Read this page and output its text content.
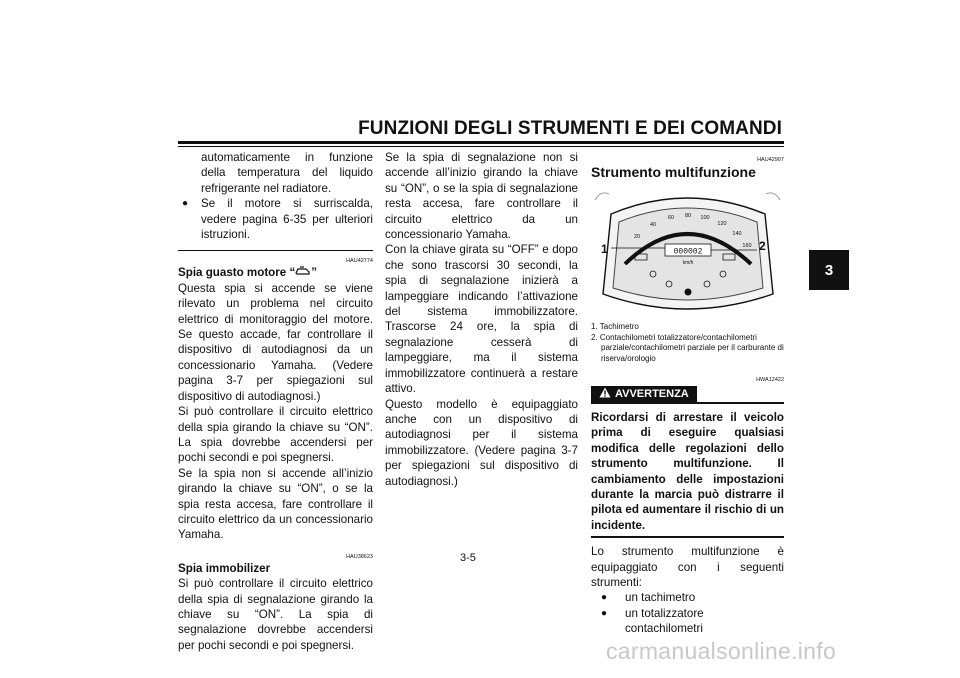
FUNZIONI DEGLI STRUMENTI E DEI COMANDI
3

automaticamente in funzione della temperatura del liquido refrigerante nel radiatore.

● Se il motore si surriscalda, vedere pagina 6-35 per ulteriori istruzioni.

HAU42774
Spia guasto motore “ ”

Questa spia si accende se viene rilevato un problema nel circuito elettrico di monitoraggio del motore. Se questo accade, far controllare il dispositivo di autodiagnosi da un concessionario Yamaha. (Vedere pagina 3-7 per spiegazioni sul dispositivo di autodiagnosi.)

Si può controllare il circuito elettrico della spia girando la chiave su “ON”. La spia dovrebbe accendersi per pochi secondi e poi spegnersi.

Se la spia non si accende all’inizio girando la chiave su “ON”, o se la spia resta accesa, fare controllare il circuito elettrico da un concessionario Yamaha.

HAU38623
Spia immobilizer

Si può controllare il circuito elettrico della spia di segnalazione girando la chiave su “ON”. La spia di segnalazione dovrebbe accendersi per pochi secondi e poi spegnersi.

Se la spia di segnalazione non si accende all’inizio girando la chiave su “ON”, o se la spia di segnalazione resta accesa, fare controllare il circuito elettrico da un concessionario Yamaha.

Con la chiave girata su “OFF” e dopo che sono trascorsi 30 secondi, la spia di segnalazione inizierà a lampeggiare indicando l’attivazione del sistema immobilizzatore. Trascorse 24 ore, la spia di segnalazione cesserà di lampeggiare, ma il sistema immobilizzatore continuerà a restare attivo.

Questo modello è equipaggiato anche con un dispositivo di autodiagnosi per il sistema immobilizzatore. (Vedere pagina 3-7 per spiegazioni sul dispositivo di autodiagnosi.)

HAU42907
Strumento multifunzione
20
40
60 80 100
120
140
160
000002
km/h
1	2
1. Tachimetro
2. Contachilometri totalizzatore/contachilometri parziale/contachilometri parziale per il carburante di riserva/orologio
HWA12422
AVVERTENZA

Ricordarsi di arrestare il veicolo prima di eseguire qualsiasi modifica delle regolazioni dello strumento multifunzione. Il cambiamento delle impostazioni durante la marcia può distrarre il pilota ed aumentare il rischio di un incidente.

Lo strumento multifunzione è equipaggiato con i seguenti strumenti:

● un tachimetro
● un totalizzatore contachilometri
3-5
carmanualsonline.info
